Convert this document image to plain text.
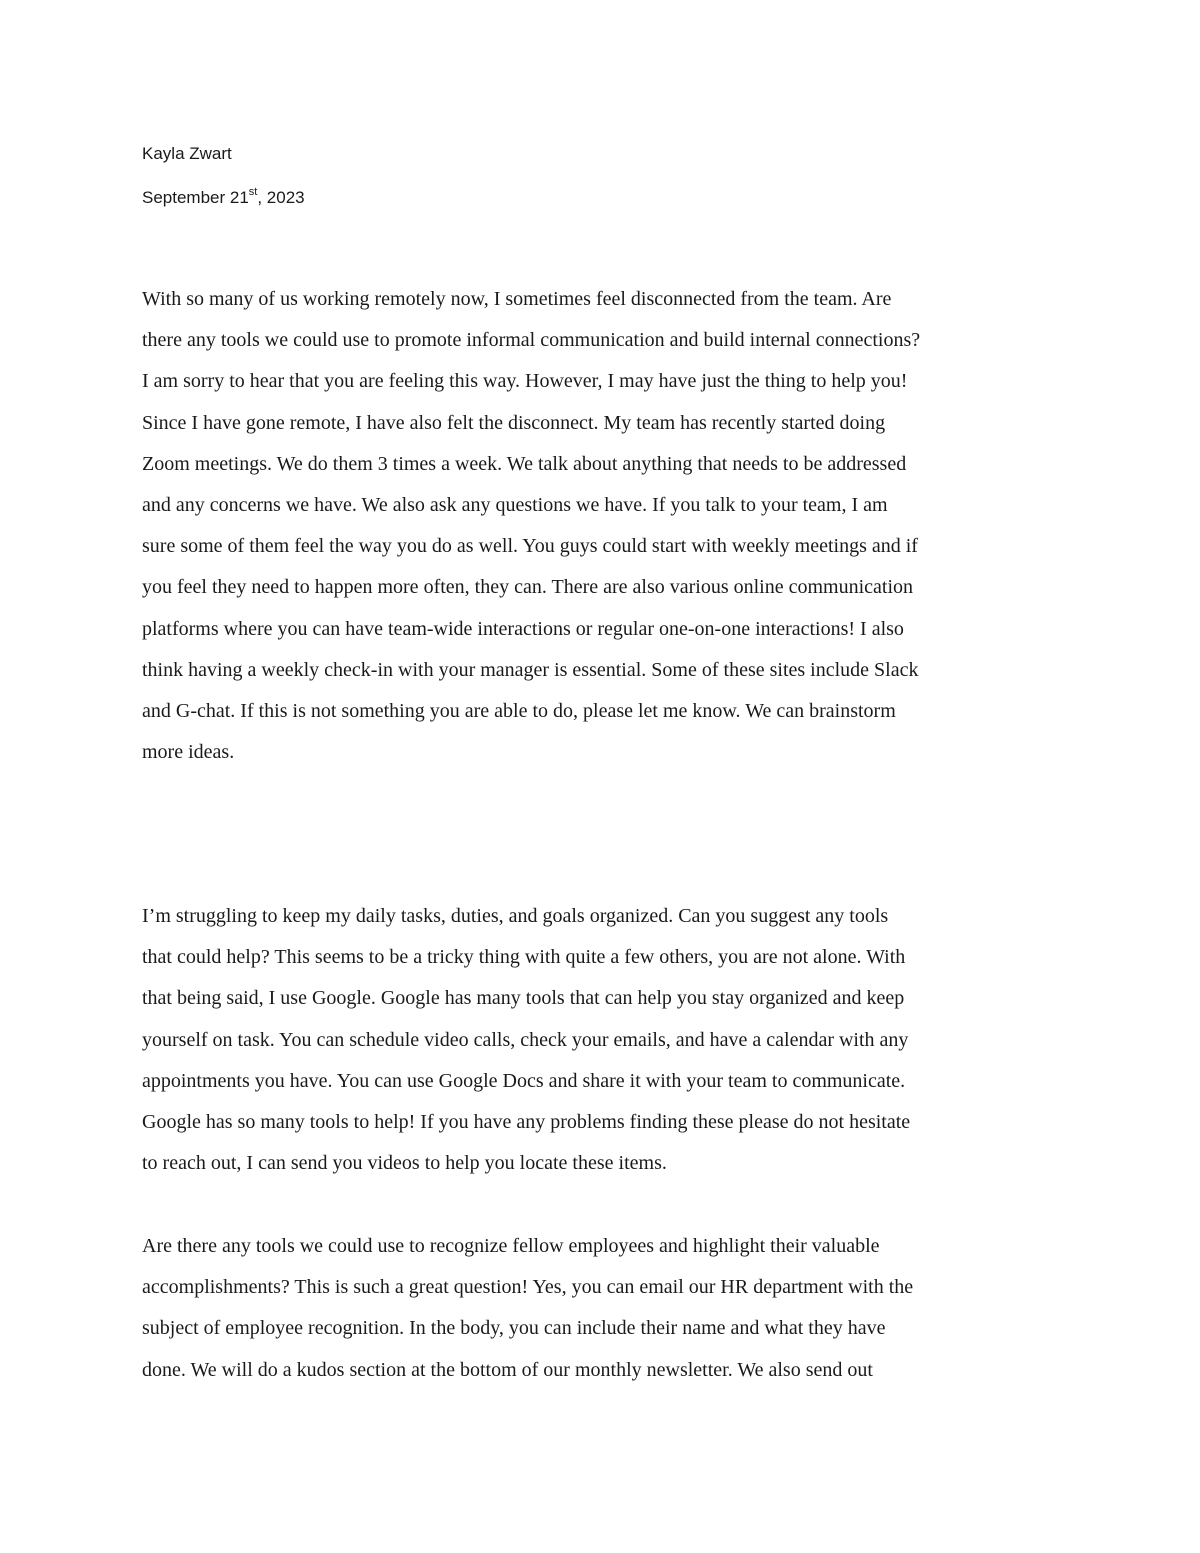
Kayla Zwart
September 21st, 2023
With so many of us working remotely now, I sometimes feel disconnected from the team. Are
there any tools we could use to promote informal communication and build internal connections?
I am sorry to hear that you are feeling this way. However, I may have just the thing to help you!
Since I have gone remote, I have also felt the disconnect. My team has recently started doing
Zoom meetings. We do them 3 times a week. We talk about anything that needs to be addressed
and any concerns we have. We also ask any questions we have. If you talk to your team, I am
sure some of them feel the way you do as well. You guys could start with weekly meetings and if
you feel they need to happen more often, they can. There are also various online communication
platforms where you can have team-wide interactions or regular one-on-one interactions! I also
think having a weekly check-in with your manager is essential. Some of these sites include Slack
and G-chat. If this is not something you are able to do, please let me know. We can brainstorm
more ideas.
I’m struggling to keep my daily tasks, duties, and goals organized. Can you suggest any tools
that could help? This seems to be a tricky thing with quite a few others, you are not alone. With
that being said, I use Google. Google has many tools that can help you stay organized and keep
yourself on task. You can schedule video calls, check your emails, and have a calendar with any
appointments you have. You can use Google Docs and share it with your team to communicate.
Google has so many tools to help! If you have any problems finding these please do not hesitate
to reach out, I can send you videos to help you locate these items.
Are there any tools we could use to recognize fellow employees and highlight their valuable
accomplishments? This is such a great question! Yes, you can email our HR department with the
subject of employee recognition. In the body, you can include their name and what they have
done. We will do a kudos section at the bottom of our monthly newsletter. We also send out
